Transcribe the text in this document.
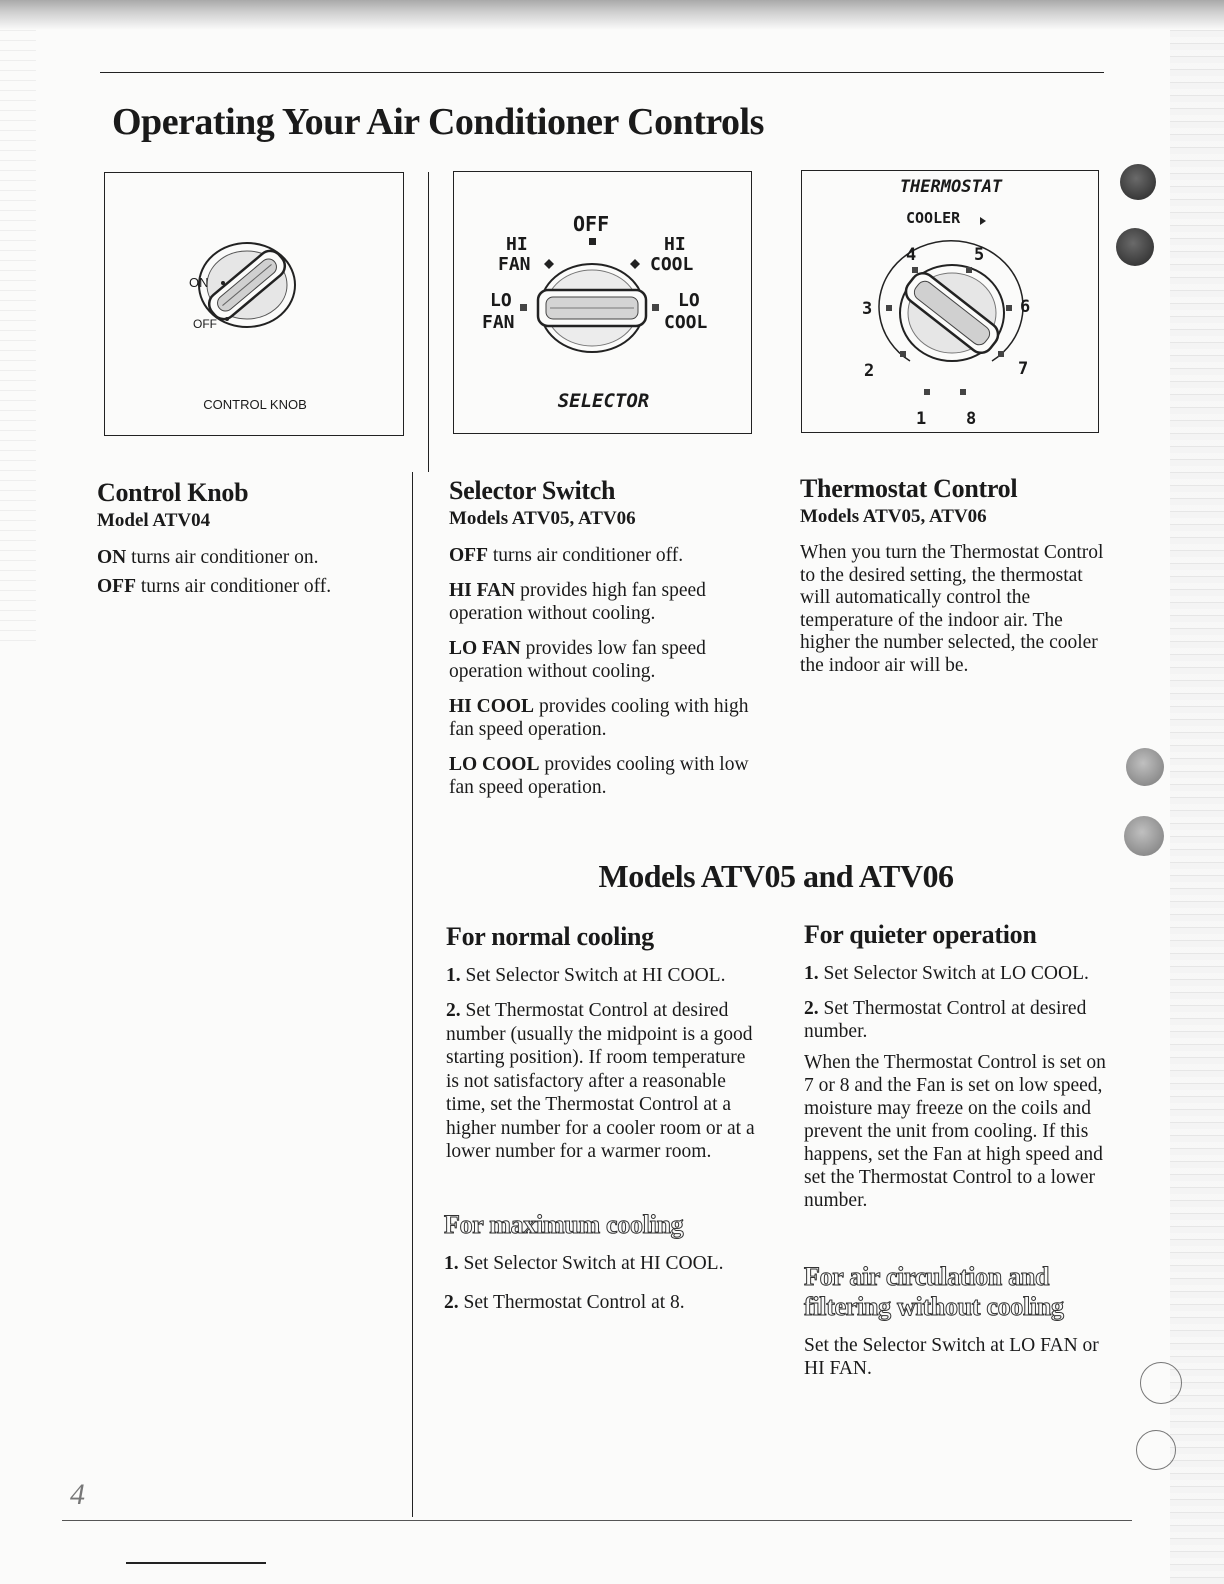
Operating Your Air Conditioner Controls
ON
OFF
CONTROL KNOB
OFF
HI
FAN
HI
COOL
LO
FAN
LO
COOL
SELECTOR
THERMOSTAT
COOLER
4	5
3	6
2	7
1 8
Control Knob
Model ATV04

ON turns air conditioner on.

OFF turns air conditioner off.

Selector Switch
Models ATV05, ATV06

OFF turns air conditioner off.

HI FAN provides high fan speed operation without cooling.

LO FAN provides low fan speed operation without cooling.

HI COOL provides cooling with high fan speed operation.

LO COOL provides cooling with low fan speed operation.

Thermostat Control
Models ATV05, ATV06

When you turn the Thermostat Control to the desired setting, the thermostat will automatically control the temperature of the indoor air. The higher the number selected, the cooler the indoor air will be.

Models ATV05 and ATV06
For normal cooling

1. Set Selector Switch at HI COOL.

2. Set Thermostat Control at desired number (usually the midpoint is a good starting position). If room temperature is not satisfactory after a reasonable time, set the Thermostat Control at a higher number for a cooler room or at a lower number for a warmer room.

For maximum cooling

1. Set Selector Switch at HI COOL.

2. Set Thermostat Control at 8.

For quieter operation

1. Set Selector Switch at LO COOL.

2. Set Thermostat Control at desired number.

When the Thermostat Control is set on 7 or 8 and the Fan is set on low speed, moisture may freeze on the coils and prevent the unit from cooling. If this happens, set the Fan at high speed and set the Thermostat Control to a lower number.

For air circulation and
filtering without cooling

Set the Selector Switch at LO FAN or HI FAN.

4
